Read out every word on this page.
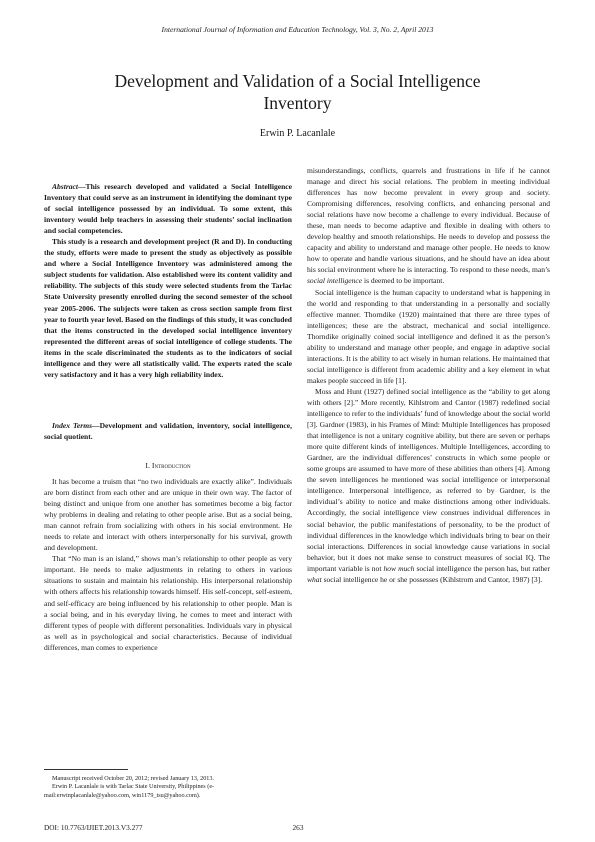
International Journal of Information and Education Technology, Vol. 3, No. 2, April 2013
Development and Validation of a Social Intelligence
Inventory
Erwin P. Lacanlale

Abstract—This research developed and validated a Social Intelligence Inventory that could serve as an instrument in identifying the dominant type of social intelligence possessed by an individual. To some extent, this inventory would help teachers in assessing their students’ social inclination and social competencies.

This study is a research and development project (R and D). In conducting the study, efforts were made to present the study as objectively as possible and where a Social Intelligence Inventory was administered among the subject students for validation. Also established were its content validity and reliability. The subjects of this study were selected students from the Tarlac State University presently enrolled during the second semester of the school year 2005-2006. The subjects were taken as cross section sample from first year to fourth year level. Based on the findings of this study, it was concluded that the items constructed in the developed social intelligence inventory represented the different areas of social intelligence of college students. The items in the scale discriminated the students as to the indicators of social intelligence and they were all statistically valid. The experts rated the scale very satisfactory and it has a very high reliability index.

Index Terms—Development and validation, inventory, social intelligence, social quotient.

I. Introduction

It has become a truism that “no two individuals are exactly alike”. Individuals are born distinct from each other and are unique in their own way. The factor of being distinct and unique from one another has sometimes become a big factor why problems in dealing and relating to other people arise. But as a social being, man cannot refrain from socializing with others in his social environment. He needs to relate and interact with others interpersonally for his survival, growth and development.

That “No man is an island,” shows man’s relationship to other people as very important. He needs to make adjustments in relating to others in various situations to sustain and maintain his relationship. His interpersonal relationship with others affects his relationship towards himself. His self-concept, self-esteem, and self-efficacy are being influenced by his relationship to other people. Man is a social being, and in his everyday living, he comes to meet and interact with different types of people with different personalities. Individuals vary in physical as well as in psychological and social characteristics. Because of individual differences, man comes to experience

Manuscript received October 20, 2012; revised January 13, 2013.

Erwin P. Lacanlale is with Tarlac State University, Philippines (e-mail:erwinplacanlale@yahoo.com, win1179_tsu@yahoo.com).

misunderstandings, conflicts, quarrels and frustrations in life if he cannot manage and direct his social relations. The problem in meeting individual differences has now become prevalent in every group and society. Compromising differences, resolving conflicts, and enhancing personal and social relations have now become a challenge to every individual. Because of these, man needs to become adaptive and flexible in dealing with others to develop healthy and smooth relationships. He needs to develop and possess the capacity and ability to understand and manage other people. He needs to know how to operate and handle various situations, and he should have an idea about his social environment where he is interacting. To respond to these needs, man’s social intelligence is deemed to be important.

Social intelligence is the human capacity to understand what is happening in the world and responding to that understanding in a personally and socially effective manner. Thorndike (1920) maintained that there are three types of intelligences; these are the abstract, mechanical and social intelligence. Thorndike originally coined social intelligence and defined it as the person’s ability to understand and manage other people, and engage in adaptive social interactions. It is the ability to act wisely in human relations. He maintained that social intelligence is different from academic ability and a key element in what makes people succeed in life [1].

Moss and Hunt (1927) defined social intelligence as the “ability to get along with others [2].” More recently, Kihlstrom and Cantor (1987) redefined social intelligence to refer to the individuals’ fund of knowledge about the social world [3]. Gardner (1983), in his Frames of Mind: Multiple Intelligences has proposed that intelligence is not a unitary cognitive ability, but there are seven or perhaps more quite different kinds of intelligences. Multiple Intelligences, according to Gardner, are the individual differences’ constructs in which some people or some groups are assumed to have more of these abilities than others [4]. Among the seven intelligences he mentioned was social intelligence or interpersonal intelligence. Interpersonal intelligence, as referred to by Gardner, is the individual’s ability to notice and make distinctions among other individuals. Accordingly, the social intelligence view construes individual differences in social behavior, the public manifestations of personality, to be the product of individual differences in the knowledge which individuals bring to bear on their social interactions. Differences in social knowledge cause variations in social behavior, but it does not make sense to construct measures of social IQ. The important variable is not how much social intelligence the person has, but rather what social intelligence he or she possesses (Kihlstrom and Cantor, 1987) [3].

DOI: 10.7763/IJIET.2013.V3.277	263
